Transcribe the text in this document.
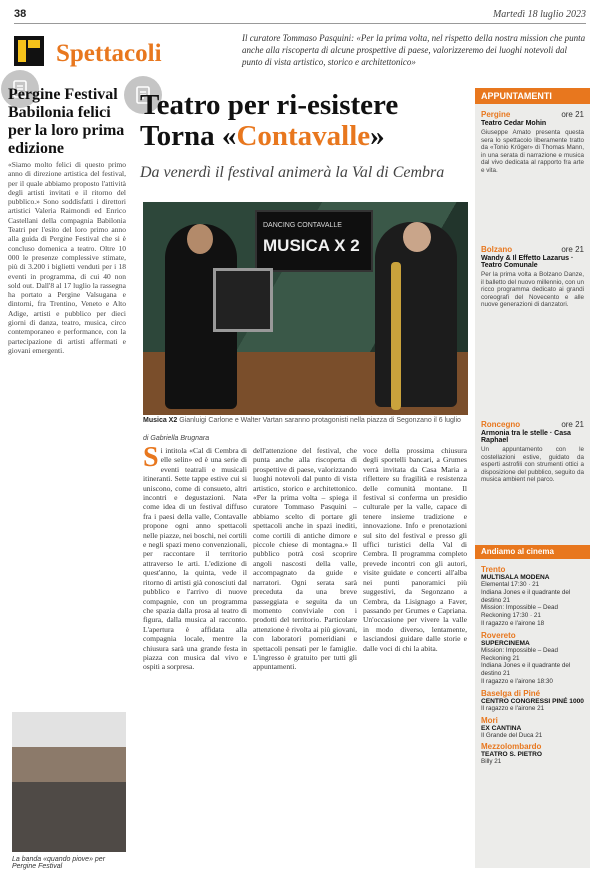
38	Martedì 18 luglio 2023
Spettacoli
Il curatore Tommaso Pasquini: «Per la prima volta, nel rispetto della nostra mission che punta anche alla riscoperta di alcune prospettive di paese, valorizzeremo dei luoghi notevoli dal punto di vista artistico, storico e architettonico»
Pergine Festival Babilonia felici per la loro prima edizione
«Siamo molto felici di questo primo anno di direzione artistica del festival, per il quale abbiamo proposto l'attività degli artisti invitati e il ritorno del pubblico.» Sono soddisfatti i direttori artistici Valeria Raimondi ed Enrico Castellani della compagnia Babilonia Teatri per l'esito del loro primo anno alla guida di Pergine Festival che si è concluso domenica a teatro. Oltre 10 000 le presenze complessive stimate, più di 3.200 i biglietti venduti per i 18 eventi in programma, di cui 40 non sold out. Dall'8 al 17 luglio la rassegna ha portato a Pergine Valsugana e dintorni, fra Trentino, Veneto e Alto Adige, artisti e pubblico per dieci giorni di danza, teatro, musica, circo contemporaneo e performance, con la partecipazione di artisti affermati e giovani emergenti.
La banda «quando piove» per Pergine Festival
Teatro per ri-esistere
Torna «Contavalle»
Da venerdì il festival animerà la Val di Cembra
DANCING CONTAVALLE
MUSICA X 2
Musica X2 Gianluigi Carlone e Walter Vartan saranno protagonisti nella piazza di Segonzano il 6 luglio
di Gabriella Brugnara
Si intitola «Cal di Cembra di elle selin» ed è una serie di eventi teatrali e musicali itineranti. Sette tappe estive cui si uniscono, come di consueto, altri incontri e degustazioni. Nata come idea di un festival diffuso fra i paesi della valle, Contavalle propone ogni anno spettacoli nelle piazze, nei boschi, nei cortili e negli spazi meno convenzionali, per raccontare il territorio attraverso le arti. L'edizione di quest'anno, la quinta, vede il ritorno di artisti già conosciuti dal pubblico e l'arrivo di nuove compagnie, con un programma che spazia dalla prosa al teatro di figura, dalla musica al racconto. L'apertura è affidata alla compagnia locale, mentre la chiusura sarà una grande festa in piazza con musica dal vivo e ospiti a sorpresa.
dell'attenzione del festival, che punta anche alla riscoperta di prospettive di paese, valorizzando luoghi notevoli dal punto di vista artistico, storico e architettonico. «Per la prima volta – spiega il curatore Tommaso Pasquini – abbiamo scelto di portare gli spettacoli anche in spazi inediti, come cortili di antiche dimore e piccole chiese di montagna.» Il pubblico potrà così scoprire angoli nascosti della valle, accompagnato da guide e narratori. Ogni serata sarà preceduta da una breve passeggiata e seguita da un momento conviviale con i prodotti del territorio. Particolare attenzione è rivolta ai più giovani, con laboratori pomeridiani e spettacoli pensati per le famiglie. L'ingresso è gratuito per tutti gli appuntamenti.
voce della prossima chiusura degli sportelli bancari, a Grumes verrà invitata da Casa Maria a riflettere su fragilità e resistenza delle comunità montane. Il festival si conferma un presidio culturale per la valle, capace di tenere insieme tradizione e innovazione. Info e prenotazioni sul sito del festival e presso gli uffici turistici della Val di Cembra. Il programma completo prevede incontri con gli autori, visite guidate e concerti all'alba nei punti panoramici più suggestivi, da Segonzano a Cembra, da Lisignago a Faver, passando per Grumes e Capriana. Un'occasione per vivere la valle in modo diverso, lentamente, lasciandosi guidare dalle storie e dalle voci di chi la abita.
APPUNTAMENTI
Pergine	ore 21
Teatro Cedar Mohin
Giuseppe Amato presenta questa sera lo spettacolo liberamente tratto da «Tonio Kröger» di Thomas Mann, in una serata di narrazione e musica dal vivo dedicata al rapporto fra arte e vita.
Bolzano	ore 21
Wandy & Il Effetto Lazarus · Teatro Comunale
Per la prima volta a Bolzano Danze, il balletto del nuovo millennio, con un ricco programma dedicato ai grandi coreografi del Novecento e alle nuove generazioni di danzatori.
Roncegno	ore 21
Armonia tra le stelle · Casa Raphael
Un appuntamento con le costellazioni estive, guidato da esperti astrofili con strumenti ottici a disposizione del pubblico, seguito da musica ambient nel parco.
Andiamo al cinema
Trento
MULTISALA MODENA
Elemental 17:30 · 21
Indiana Jones e il quadrante del destino 21
Mission: Impossible – Dead Reckoning 17:30 · 21
Il ragazzo e l'airone 18
Rovereto
SUPERCINEMA
Mission: Impossible – Dead Reckoning 21
Indiana Jones e il quadrante del destino 21
Il ragazzo e l'airone 18:30
Baselga di Piné
CENTRO CONGRESSI PINÉ 1000
Il ragazzo e l'airone 21
Mori
EX CANTINA
Il Grande del Duca 21
Mezzolombardo
TEATRO S. PIETRO
Billy 21
